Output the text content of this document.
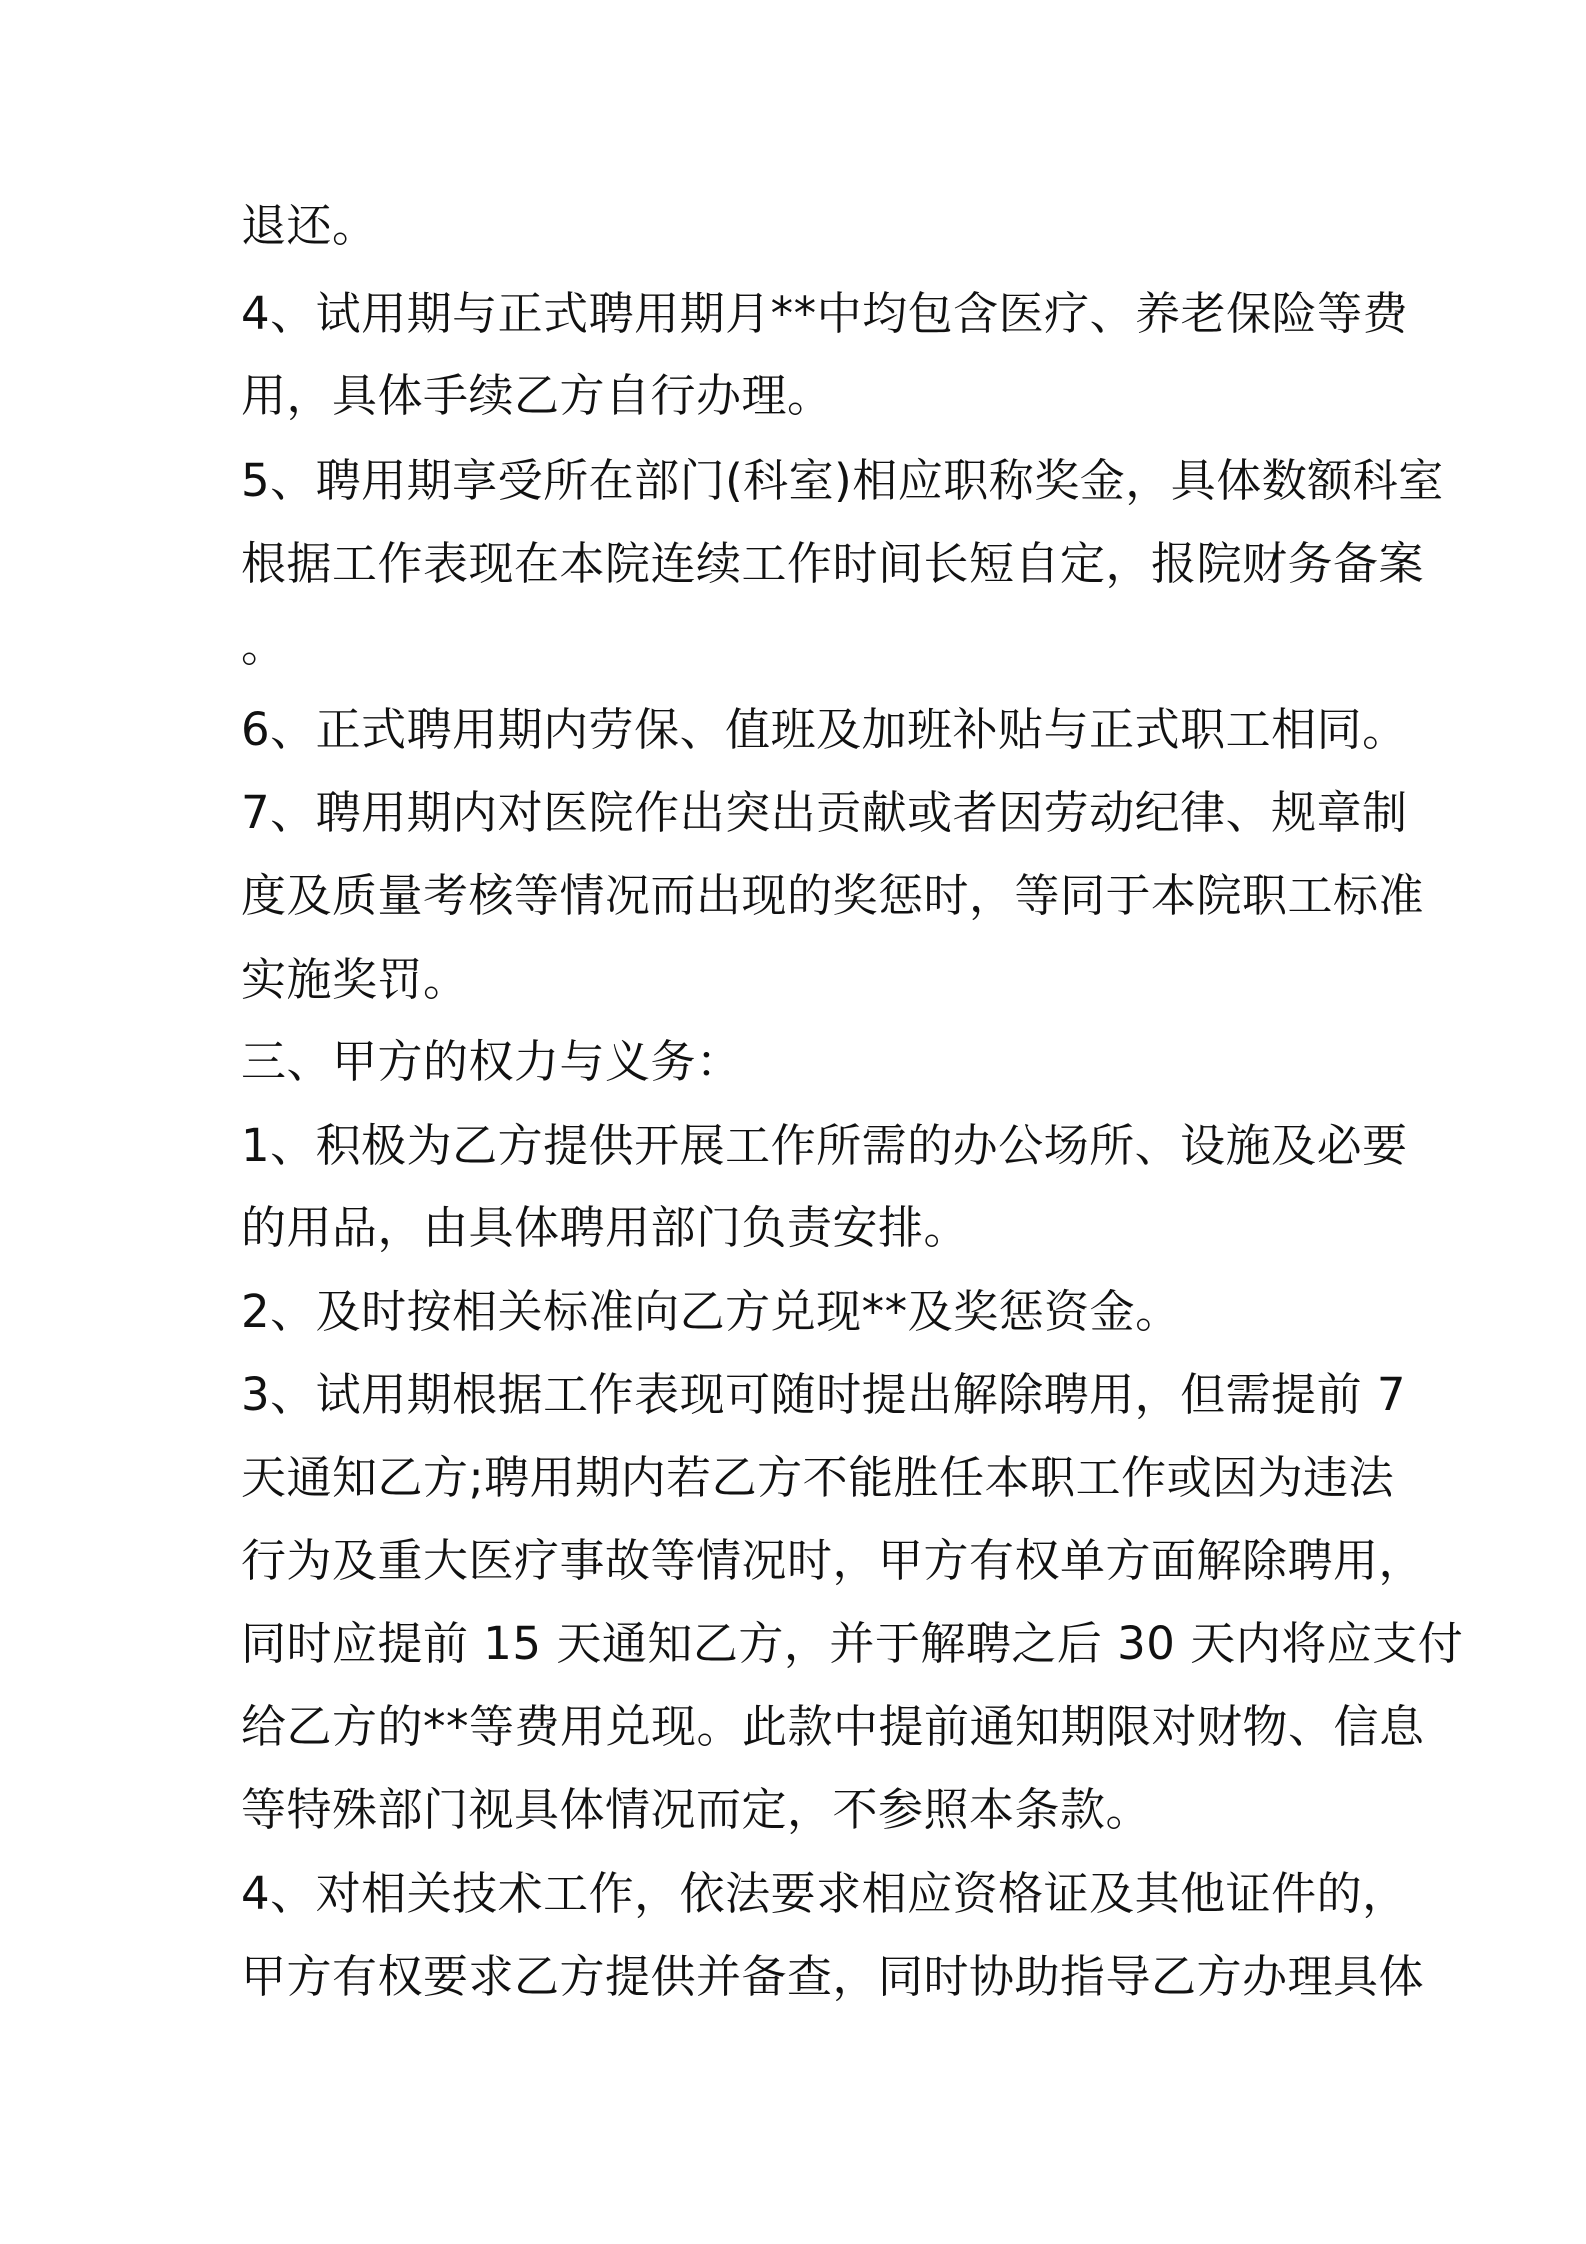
退还。
4、试用期与正式聘用期月**中均包含医疗、养老保险等费
用，具体手续乙方自行办理。
5、聘用期享受所在部门(科室)相应职称奖金，具体数额科室
根据工作表现在本院连续工作时间长短自定，报院财务备案
。
6、正式聘用期内劳保、值班及加班补贴与正式职工相同。
7、聘用期内对医院作出突出贡献或者因劳动纪律、规章制
度及质量考核等情况而出现的奖惩时，等同于本院职工标准
实施奖罚。
三、甲方的权力与义务：
1、积极为乙方提供开展工作所需的办公场所、设施及必要
的用品，由具体聘用部门负责安排。
2、及时按相关标准向乙方兑现**及奖惩资金。
3、试用期根据工作表现可随时提出解除聘用，但需提前 7
天通知乙方;聘用期内若乙方不能胜任本职工作或因为违法
行为及重大医疗事故等情况时，甲方有权单方面解除聘用，
同时应提前 15 天通知乙方，并于解聘之后 30 天内将应支付
给乙方的**等费用兑现。此款中提前通知期限对财物、信息
等特殊部门视具体情况而定，不参照本条款。
4、对相关技术工作，依法要求相应资格证及其他证件的，
甲方有权要求乙方提供并备查，同时协助指导乙方办理具体
